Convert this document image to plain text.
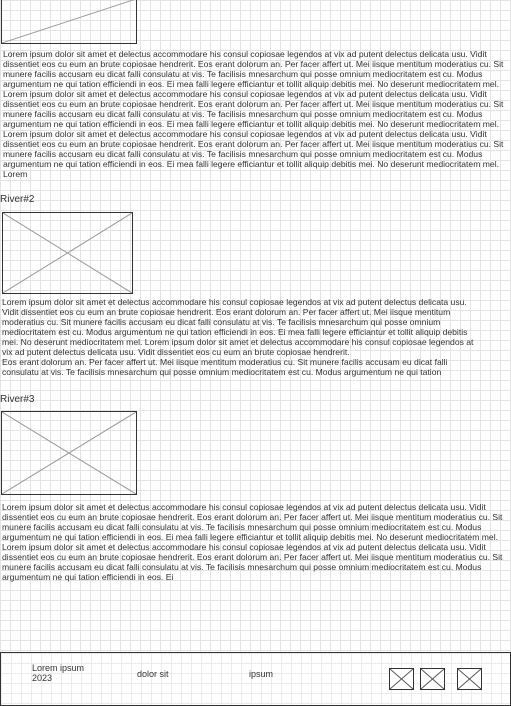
Lorem ipsum dolor sit amet et delectus accommodare his consul copiosae legendos at vix ad putent delectus delicata usu. Vidit dissentiet eos cu eum an brute copiosae hendrerit. Eos erant dolorum an. Per facer affert ut. Mei iisque mentitum moderatius cu. Sit munere facilis accusam eu dicat falli consulatu at vis. Te facilisis mnesarchum qui posse omnium mediocritatem est cu. Modus argumentum ne qui tation efficiendi in eos. Ei mea falli legere efficiantur et tollit aliquip debitis mei. No deserunt mediocritatem mel. Lorem ipsum dolor sit amet et delectus accommodare his consul copiosae legendos at vix ad putent delectus delicata usu. Vidit dissentiet eos cu eum an brute copiosae hendrerit. Eos erant dolorum an. Per facer affert ut. Mei iisque mentitum moderatius cu. Sit munere facilis accusam eu dicat falli consulatu at vis. Te facilisis mnesarchum qui posse omnium mediocritatem est cu. Modus argumentum ne qui tation efficiendi in eos. Ei mea falli legere efficiantur et tollit aliquip debitis mei. No deserunt mediocritatem mel. Lorem ipsum dolor sit amet et delectus accommodare his consul copiosae legendos at vix ad putent delectus delicata usu. Vidit dissentiet eos cu eum an brute copiosae hendrerit. Eos erant dolorum an. Per facer affert ut. Mei iisque mentitum moderatius cu. Sit munere facilis accusam eu dicat falli consulatu at vis. Te facilisis mnesarchum qui posse omnium mediocritatem est cu. Modus argumentum ne qui tation efficiendi in eos. Ei mea falli legere efficiantur et tollit aliquip debitis mei. No deserunt mediocritatem mel. Lorem

River#2

Lorem ipsum dolor sit amet et delectus accommodare his consul copiosae legendos at vix ad putent delectus delicata usu. Vidit dissentiet eos cu eum an brute copiosae hendrerit. Eos erant dolorum an. Per facer affert ut. Mei iisque mentitum moderatius cu. Sit munere facilis accusam eu dicat falli consulatu at vis. Te facilisis mnesarchum qui posse omnium mediocritatem est cu. Modus argumentum ne qui tation efficiendi in eos. Ei mea falli legere efficiantur et tollit aliquip debitis mei. No deserunt mediocritatem mel. Lorem ipsum dolor sit amet et delectus accommodare his consul copiosae legendos at vix ad putent delectus delicata usu. Vidit dissentiet eos cu eum an brute copiosae hendrerit.
Eos erant dolorum an. Per facer affert ut. Mei iisque mentitum moderatius cu. Sit munere facilis accusam eu dicat falli consulatu at vis. Te facilisis mnesarchum qui posse omnium mediocritatem est cu. Modus argumentum ne qui tation

River#3

Lorem ipsum dolor sit amet et delectus accommodare his consul copiosae legendos at vix ad putent delectus delicata usu. Vidit dissentiet eos cu eum an brute copiosae hendrerit. Eos erant dolorum an. Per facer affert ut. Mei iisque mentitum moderatius cu. Sit munere facilis accusam eu dicat falli consulatu at vis. Te facilisis mnesarchum qui posse omnium mediocritatem est cu. Modus argumentum ne qui tation efficiendi in eos. Ei mea falli legere efficiantur et tollit aliquip debitis mei. No deserunt mediocritatem mel. Lorem ipsum dolor sit amet et delectus accommodare his consul copiosae legendos at vix ad putent delectus delicata usu. Vidit dissentiet eos cu eum an brute copiosae hendrerit. Eos erant dolorum an. Per facer affert ut. Mei iisque mentitum moderatius cu. Sit munere facilis accusam eu dicat falli consulatu at vis. Te facilisis mnesarchum qui posse omnium mediocritatem est cu. Modus argumentum ne qui tation efficiendi in eos. Ei

Lorem ipsum
2023	dolor sit	ipsum
